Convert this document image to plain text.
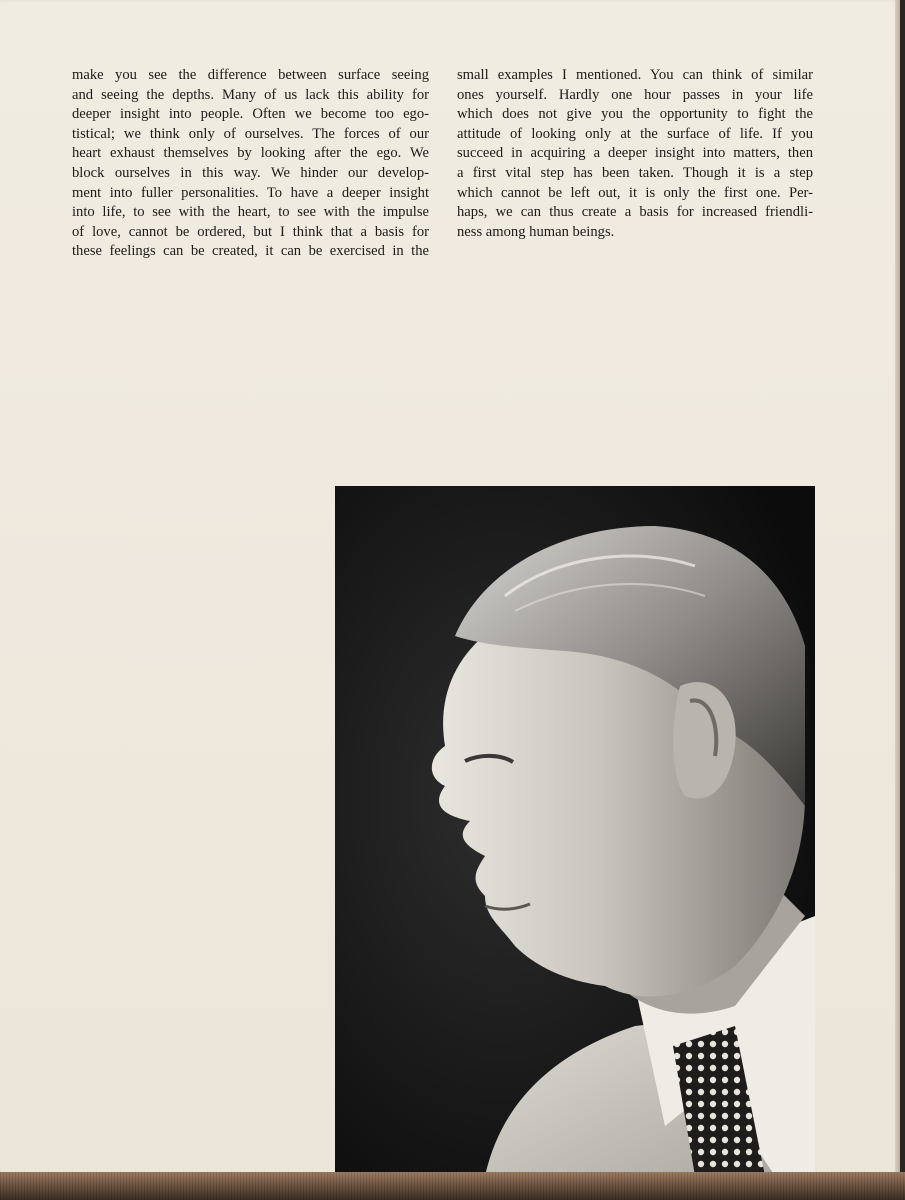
make you see the difference between surface seeing
and seeing the depths. Many of us lack this ability for
deeper insight into people. Often we become too ego-
tistical; we think only of ourselves. The forces of our
heart exhaust themselves by looking after the ego. We
block ourselves in this way. We hinder our develop-
ment into fuller personalities. To have a deeper insight
into life, to see with the heart, to see with the impulse
of love, cannot be ordered, but I think that a basis for
these feelings can be created, it can be exercised in the
small examples I mentioned. You can think of similar
ones yourself. Hardly one hour passes in your life
which does not give you the opportunity to fight the
attitude of looking only at the surface of life. If you
succeed in acquiring a deeper insight into matters, then
a first vital step has been taken. Though it is a step
which cannot be left out, it is only the first one. Per-
haps, we can thus create a basis for increased friendli-
ness among human beings.
